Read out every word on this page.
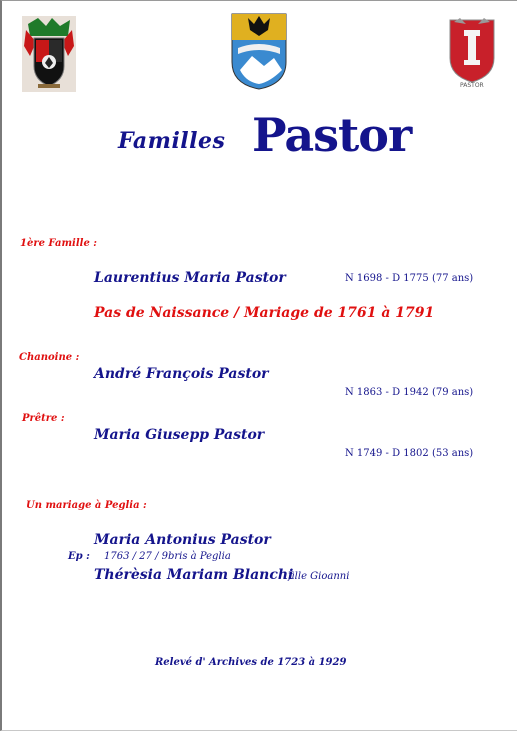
PASTOR
Familles Pastor
1ère Famille :
Laurentius Maria Pastor	N 1698 - D 1775 (77 ans)
Pas de Naissance / Mariage de 1761 à 1791
Chanoine :
André François Pastor
N 1863 - D 1942 (79 ans)
Prêtre :
Maria Giusepp Pastor
N 1749 - D 1802 (53 ans)
Un mariage à Peglia :
Maria Antonius Pastor
Ep : 1763 / 27 / 9bris à Peglia
Thérèsia Mariam Blanchi
fille Gioanni
Relevé d' Archives de 1723 à 1929
